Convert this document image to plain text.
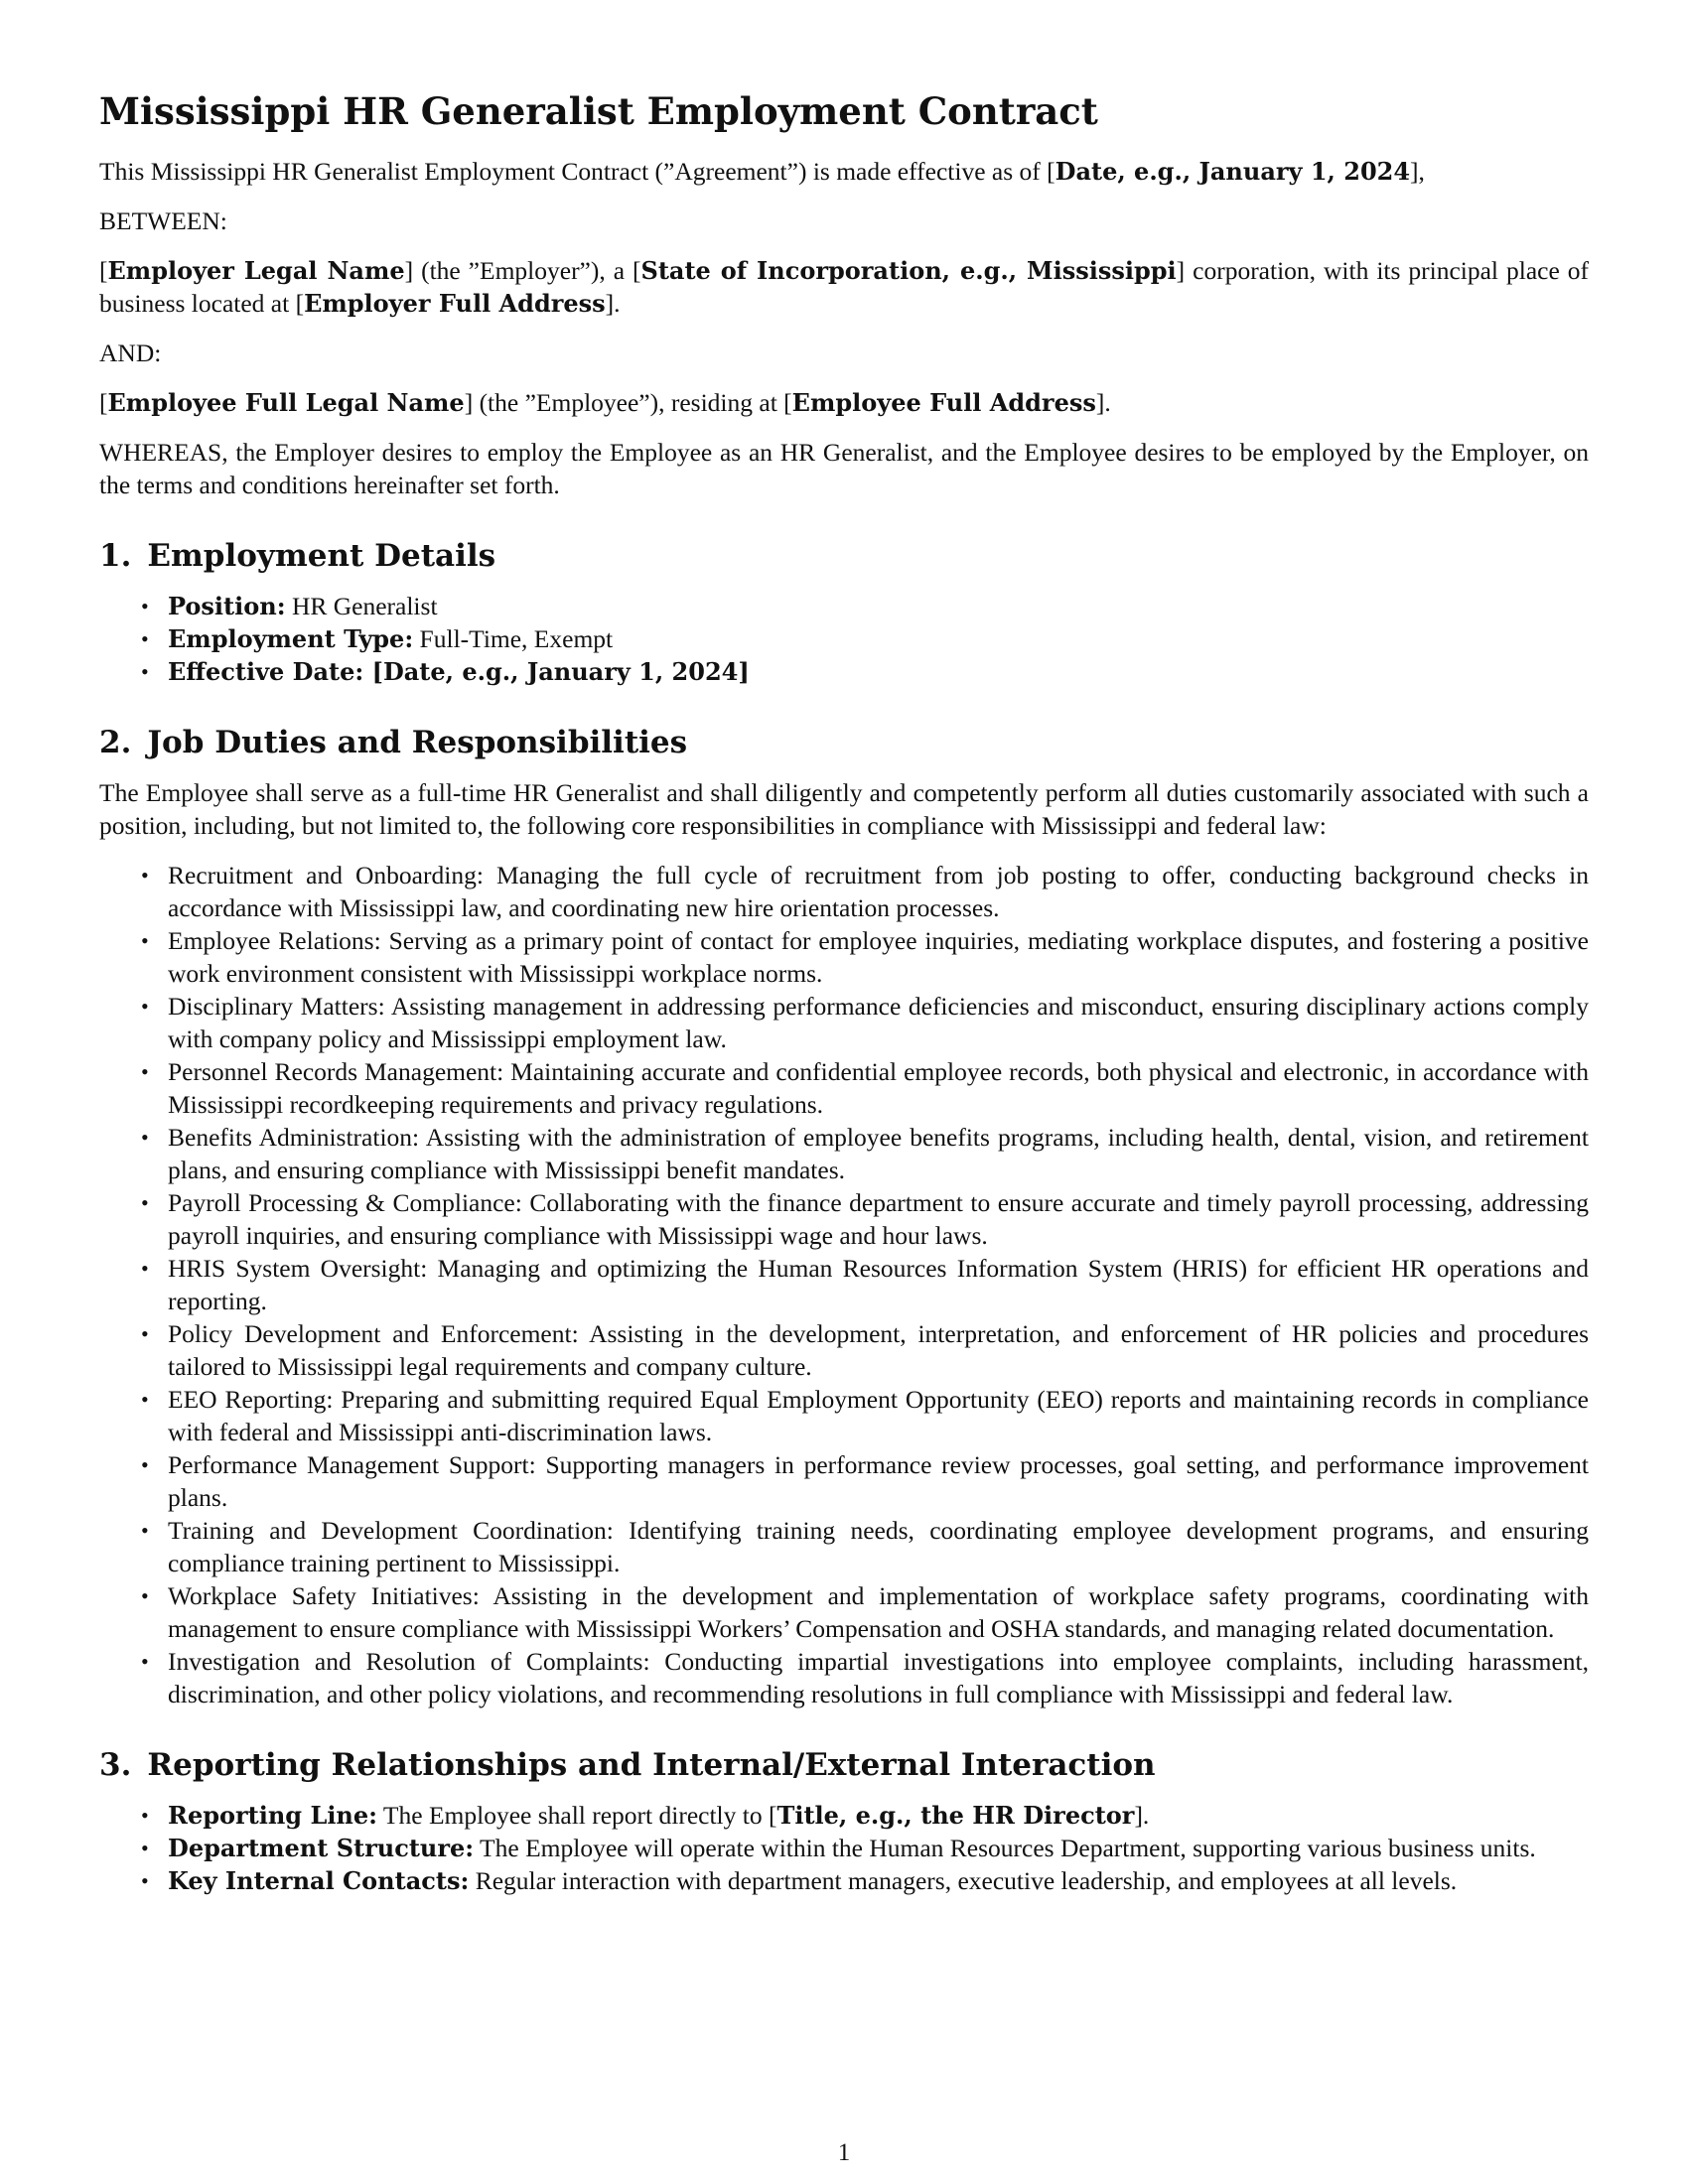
Mississippi HR Generalist Employment Contract

This Mississippi HR Generalist Employment Contract (”Agreement”) is made effective as of [Date, e.g., January 1, 2024],

BETWEEN:

[Employer Legal Name] (the ”Employer”), a [State of Incorporation, e.g., Mississippi] corporation, with its principal place of business located at [Employer Full Address].

AND:

[Employee Full Legal Name] (the ”Employee”), residing at [Employee Full Address].

WHEREAS, the Employer desires to employ the Employee as an HR Generalist, and the Employee desires to be employed by the Employer, on the terms and conditions hereinafter set forth.

1. Employment Details
• Position: HR Generalist
• Employment Type: Full-Time, Exempt
• Effective Date: [Date, e.g., January 1, 2024]
2. Job Duties and Responsibilities

The Employee shall serve as a full-time HR Generalist and shall diligently and competently perform all duties customarily associated with such a position, including, but not limited to, the following core responsibilities in compliance with Mississippi and federal law:

• Recruitment and Onboarding: Managing the full cycle of recruitment from job posting to offer, conducting background checks in accordance with Mississippi law, and coordinating new hire orientation processes.
• Employee Relations: Serving as a primary point of contact for employee inquiries, mediating workplace disputes, and fostering a positive work environment consistent with Mississippi workplace norms.
• Disciplinary Matters: Assisting management in addressing performance deficiencies and misconduct, ensuring disciplinary actions comply with company policy and Mississippi employment law.
• Personnel Records Management: Maintaining accurate and confidential employee records, both physical and electronic, in accordance with Mississippi recordkeeping requirements and privacy regulations.
• Benefits Administration: Assisting with the administration of employee benefits programs, including health, dental, vision, and retirement plans, and ensuring compliance with Mississippi benefit mandates.
• Payroll Processing & Compliance: Collaborating with the finance department to ensure accurate and timely payroll processing, addressing payroll inquiries, and ensuring compliance with Mississippi wage and hour laws.
• HRIS System Oversight: Managing and optimizing the Human Resources Information System (HRIS) for efficient HR operations and reporting.
• Policy Development and Enforcement: Assisting in the development, interpretation, and enforcement of HR policies and procedures tailored to Mississippi legal requirements and company culture.
• EEO Reporting: Preparing and submitting required Equal Employment Opportunity (EEO) reports and maintaining records in compliance with federal and Mississippi anti-discrimination laws.
• Performance Management Support: Supporting managers in performance review processes, goal setting, and performance improvement plans.
• Training and Development Coordination: Identifying training needs, coordinating employee development programs, and ensuring compliance training pertinent to Mississippi.
• Workplace Safety Initiatives: Assisting in the development and implementation of workplace safety programs, coordinating with management to ensure compliance with Mississippi Workers’ Compensation and OSHA standards, and managing related documentation.
• Investigation and Resolution of Complaints: Conducting impartial investigations into employee complaints, including harassment, discrimination, and other policy violations, and recommending resolutions in full compliance with Mississippi and federal law.
3. Reporting Relationships and Internal/External Interaction
• Reporting Line: The Employee shall report directly to [Title, e.g., the HR Director].
• Department Structure: The Employee will operate within the Human Resources Department, supporting various business units.
• Key Internal Contacts: Regular interaction with department managers, executive leadership, and employees at all levels.
1
